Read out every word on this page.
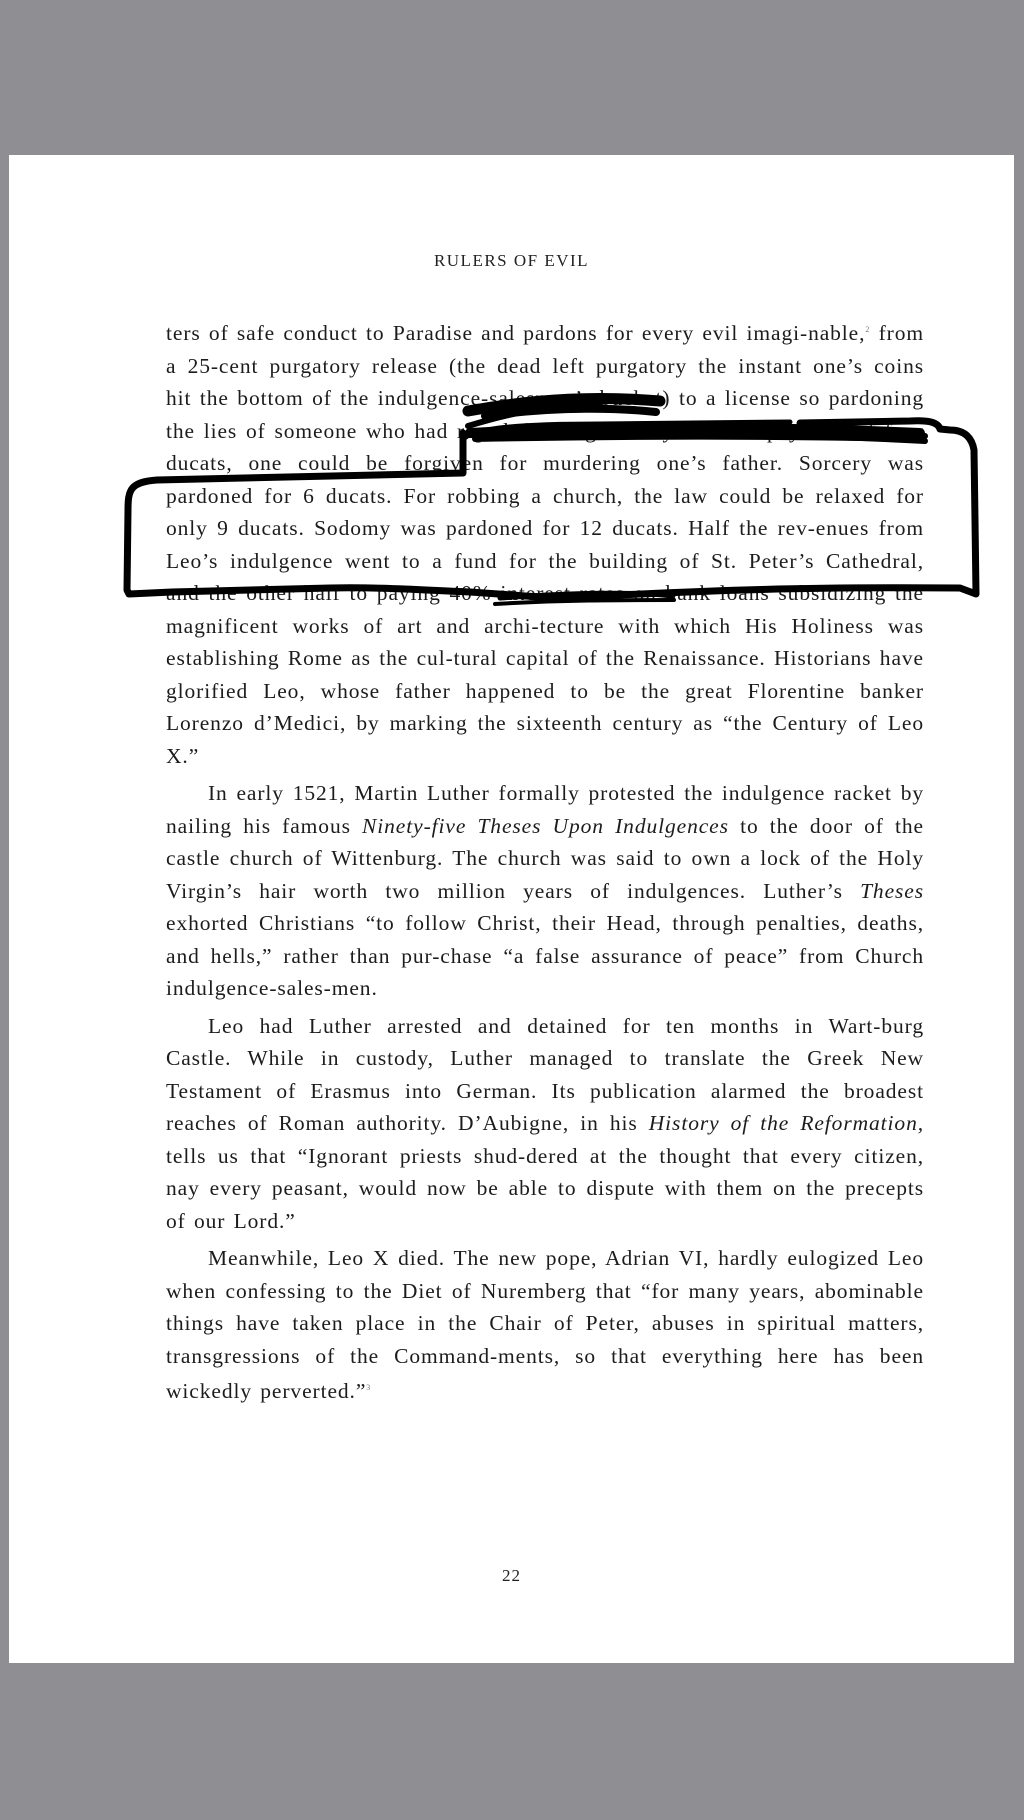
RULERS OF EVIL

ters of safe conduct to Paradise and pardons for every evil imagi-nable,$^2$ from a 25-cent purgatory release (the dead left purgatory the instant one’s coins hit the bottom of the indulgence-salesman’s bucket) to a license so pardoning the lies of someone who had raped the Virgin Mary. For the payment of four ducats, one could be forgiven for murdering one’s father. Sorcery was pardoned for 6 ducats. For robbing a church, the law could be relaxed for only 9 ducats. Sodomy was pardoned for 12 ducats. Half the rev-enues from Leo’s indulgence went to a fund for the building of St. Peter’s Cathedral, and the other half to paying 40% interest rates on bank loans subsidizing the magnificent works of art and archi-tecture with which His Holiness was establishing Rome as the cul-tural capital of the Renaissance. Historians have glorified Leo, whose father happened to be the great Florentine banker Lorenzo d’Medici, by marking the sixteenth century as “the Century of Leo X.”

In early 1521, Martin Luther formally protested the indulgence racket by nailing his famous Ninety-five Theses Upon Indulgences to the door of the castle church of Wittenburg. The church was said to own a lock of the Holy Virgin’s hair worth two million years of indulgences. Luther’s Theses exhorted Christians “to follow Christ, their Head, through penalties, deaths, and hells,” rather than pur-chase “a false assurance of peace” from Church indulgence-sales-men.

Leo had Luther arrested and detained for ten months in Wart-burg Castle. While in custody, Luther managed to translate the Greek New Testament of Erasmus into German. Its publication alarmed the broadest reaches of Roman authority. D’Aubigne, in his History of the Reformation, tells us that “Ignorant priests shud-dered at the thought that every citizen, nay every peasant, would now be able to dispute with them on the precepts of our Lord.”

Meanwhile, Leo X died. The new pope, Adrian VI, hardly eulogized Leo when confessing to the Diet of Nuremberg that “for many years, abominable things have taken place in the Chair of Peter, abuses in spiritual matters, transgressions of the Command-ments, so that everything here has been wickedly perverted.”$^3$

22
